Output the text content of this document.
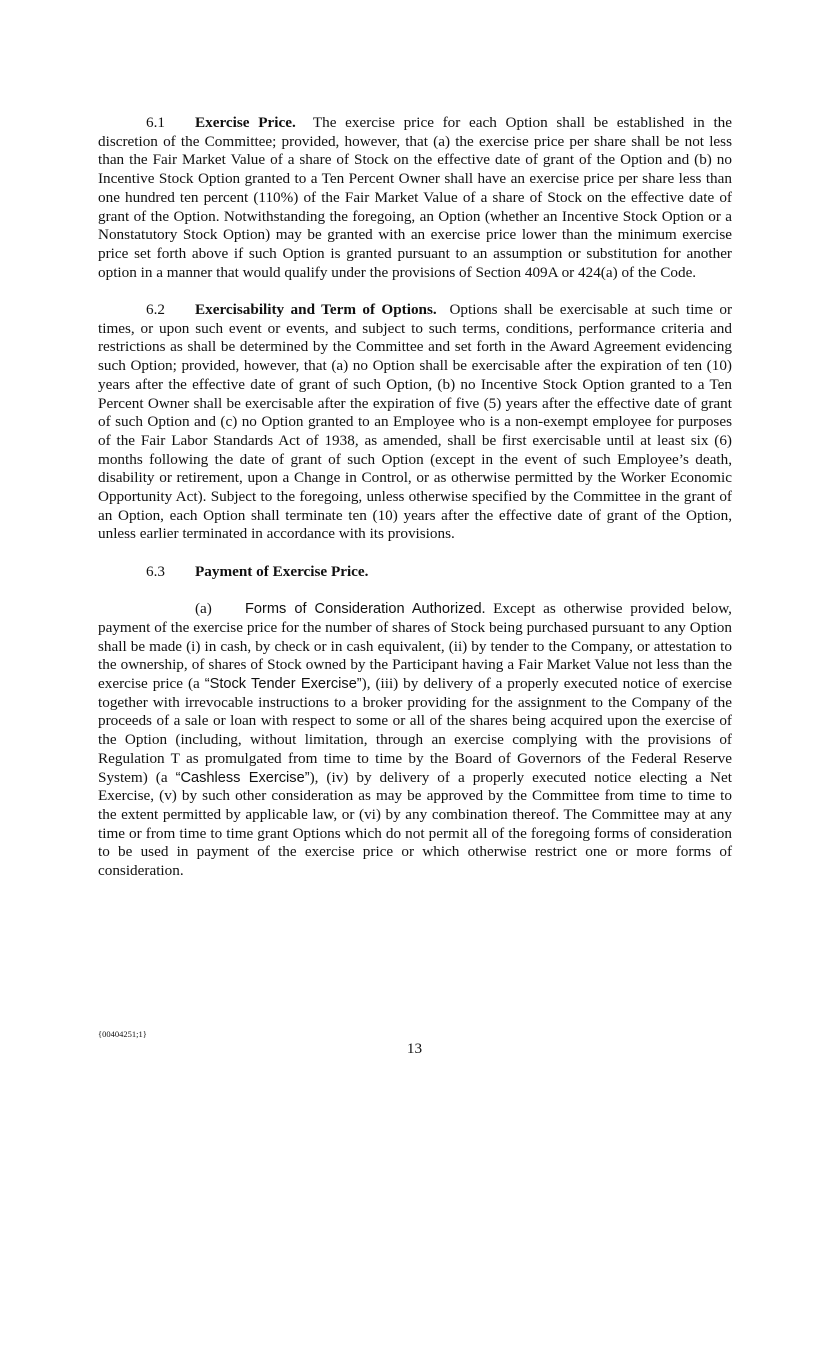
6.1 Exercise Price. The exercise price for each Option shall be established in the discretion of the Committee; provided, however, that (a) the exercise price per share shall be not less than the Fair Market Value of a share of Stock on the effective date of grant of the Option and (b) no Incentive Stock Option granted to a Ten Percent Owner shall have an exercise price per share less than one hundred ten percent (110%) of the Fair Market Value of a share of Stock on the effective date of grant of the Option. Notwithstanding the foregoing, an Option (whether an Incentive Stock Option or a Nonstatutory Stock Option) may be granted with an exercise price lower than the minimum exercise price set forth above if such Option is granted pursuant to an assumption or substitution for another option in a manner that would qualify under the provisions of Section 409A or 424(a) of the Code.

6.2 Exercisability and Term of Options. Options shall be exercisable at such time or times, or upon such event or events, and subject to such terms, conditions, performance criteria and restrictions as shall be determined by the Committee and set forth in the Award Agreement evidencing such Option; provided, however, that (a) no Option shall be exercisable after the expiration of ten (10) years after the effective date of grant of such Option, (b) no Incentive Stock Option granted to a Ten Percent Owner shall be exercisable after the expiration of five (5) years after the effective date of grant of such Option and (c) no Option granted to an Employee who is a non-exempt employee for purposes of the Fair Labor Standards Act of 1938, as amended, shall be first exercisable until at least six (6) months following the date of grant of such Option (except in the event of such Employee’s death, disability or retirement, upon a Change in Control, or as otherwise permitted by the Worker Economic Opportunity Act). Subject to the foregoing, unless otherwise specified by the Committee in the grant of an Option, each Option shall terminate ten (10) years after the effective date of grant of the Option, unless earlier terminated in accordance with its provisions.

6.3 Payment of Exercise Price.

(a) Forms of Consideration Authorized. Except as otherwise provided below, payment of the exercise price for the number of shares of Stock being purchased pursuant to any Option shall be made (i) in cash, by check or in cash equivalent, (ii) by tender to the Company, or attestation to the ownership, of shares of Stock owned by the Participant having a Fair Market Value not less than the exercise price (a “Stock Tender Exercise”), (iii) by delivery of a properly executed notice of exercise together with irrevocable instructions to a broker providing for the assignment to the Company of the proceeds of a sale or loan with respect to some or all of the shares being acquired upon the exercise of the Option (including, without limitation, through an exercise complying with the provisions of Regulation T as promulgated from time to time by the Board of Governors of the Federal Reserve System) (a “Cashless Exercise”), (iv) by delivery of a properly executed notice electing a Net Exercise, (v) by such other consideration as may be approved by the Committee from time to time to the extent permitted by applicable law, or (vi) by any combination thereof. The Committee may at any time or from time to time grant Options which do not permit all of the foregoing forms of consideration to be used in payment of the exercise price or which otherwise restrict one or more forms of consideration.

{00404251;1}
13
